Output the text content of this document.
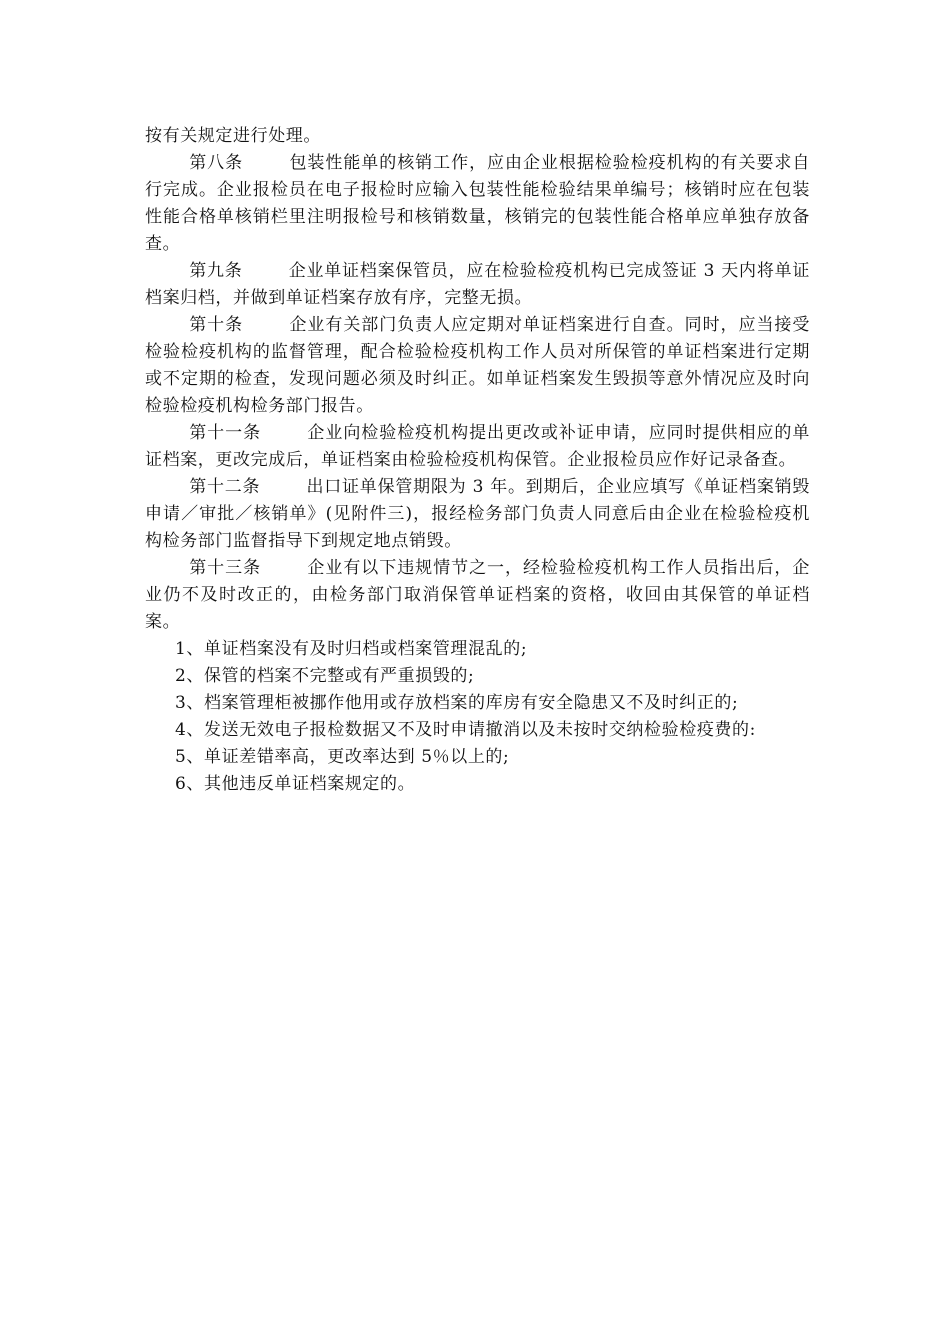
按有关规定进行处理。

第八条	包装性能单的核销工作，应由企业根据检验检疫机构的有关要求自行完成。企业报检员在电子报检时应输入包装性能检验结果单编号；核销时应在包装性能合格单核销栏里注明报检号和核销数量，核销完的包装性能合格单应单独存放备查。

第九条	企业单证档案保管员，应在检验检疫机构已完成签证 3 天内将单证档案归档，并做到单证档案存放有序，完整无损。

第十条	企业有关部门负责人应定期对单证档案进行自查。同时，应当接受检验检疫机构的监督管理，配合检验检疫机构工作人员对所保管的单证档案进行定期或不定期的检查，发现问题必须及时纠正。如单证档案发生毁损等意外情况应及时向检验检疫机构检务部门报告。

第十一条	企业向检验检疫机构提出更改或补证申请，应同时提供相应的单证档案，更改完成后，单证档案由检验检疫机构保管。企业报检员应作好记录备查。

第十二条	出口证单保管期限为 3 年。到期后，企业应填写《单证档案销毁申请／审批／核销单》(见附件三)，报经检务部门负责人同意后由企业在检验检疫机构检务部门监督指导下到规定地点销毁。

第十三条	企业有以下违规情节之一，经检验检疫机构工作人员指出后，企业仍不及时改正的，由检务部门取消保管单证档案的资格，收回由其保管的单证档案。

1、单证档案没有及时归档或档案管理混乱的;

2、保管的档案不完整或有严重损毁的;

3、档案管理柜被挪作他用或存放档案的库房有安全隐患又不及时纠正的;

4、发送无效电子报检数据又不及时申请撤消以及未按时交纳检验检疫费的:

5、单证差错率高，更改率达到 5％以上的;

6、其他违反单证档案规定的。
